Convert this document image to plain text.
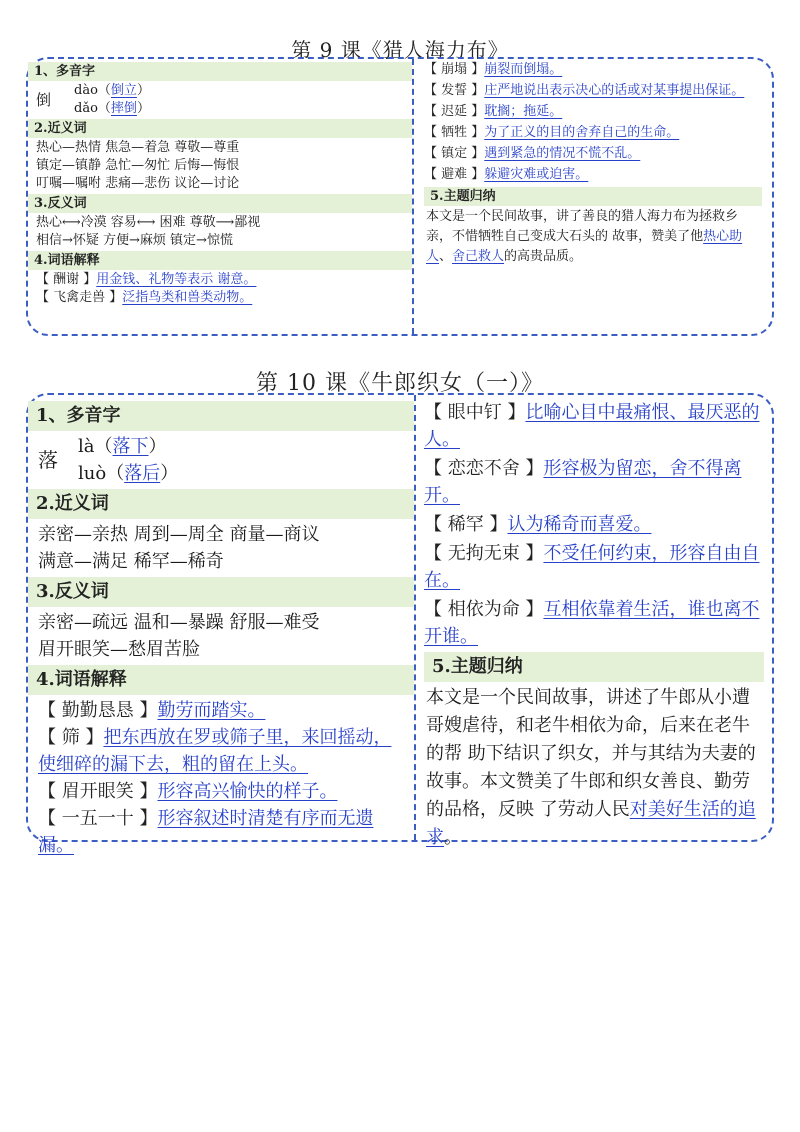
第 9 课《猎人海力布》
1、多音字
倒
dào（倒立）
dǎo（摔倒）
2.近义词
热心—热情 焦急—着急 尊敬—尊重
镇定—镇静 急忙—匆忙 后悔—悔恨
叮嘱—嘱咐 悲痛—悲伤 议论—讨论
3.反义词
热心⟷冷漠 容易⟷ 困难 尊敬⟶鄙视
相信→怀疑 方便→麻烦 镇定→惊慌
4.词语解释
【 酬谢 】用金钱、礼物等表示 谢意。
【 飞禽走兽 】泛指鸟类和兽类动物。
【 崩塌 】崩裂而倒塌。
【 发誓 】庄严地说出表示决心的话或对某事提出保证。
【 迟延 】耽搁；拖延。
【 牺牲 】为了正义的目的舍弃自己的生命。
【 镇定 】遇到紧急的情况不慌不乱。
【 避难 】躲避灾难或迫害。
5.主题归纳
本文是一个民间故事，讲了善良的猎人海力布为拯救乡亲，不惜牺牲自己变成大石头的 故事，赞美了他热心助人、舍己救人的高贵品质。
第 10 课《牛郎织女（一）》
1、多音字
落
là（落下）
luò（落后）
2.近义词
亲密—亲热 周到—周全 商量—商议
满意—满足 稀罕—稀奇
3.反义词
亲密—疏远 温和—暴躁 舒服—难受
眉开眼笑—愁眉苦脸
4.词语解释
【 勤勤恳恳 】勤劳而踏实。
【 筛 】把东西放在罗或筛子里，来回摇动，使细碎的漏下去，粗的留在上头。
【 眉开眼笑 】形容高兴愉快的样子。
【 一五一十 】形容叙述时清楚有序而无遗漏。
【 眼中钉 】比喻心目中最痛恨、最厌恶的人。
【 恋恋不舍 】形容极为留恋，舍不得离开。
【 稀罕 】认为稀奇而喜爱。
【 无拘无束 】不受任何约束，形容自由自在。
【 相依为命 】互相依靠着生活，谁也离不开谁。
5.主题归纳
本文是一个民间故事，讲述了牛郎从小遭哥嫂虐待，和老牛相依为命，后来在老牛的帮 助下结识了织女，并与其结为夫妻的故事。本文赞美了牛郎和织女善良、勤劳的品格，反映 了劳动人民对美好生活的追求。
